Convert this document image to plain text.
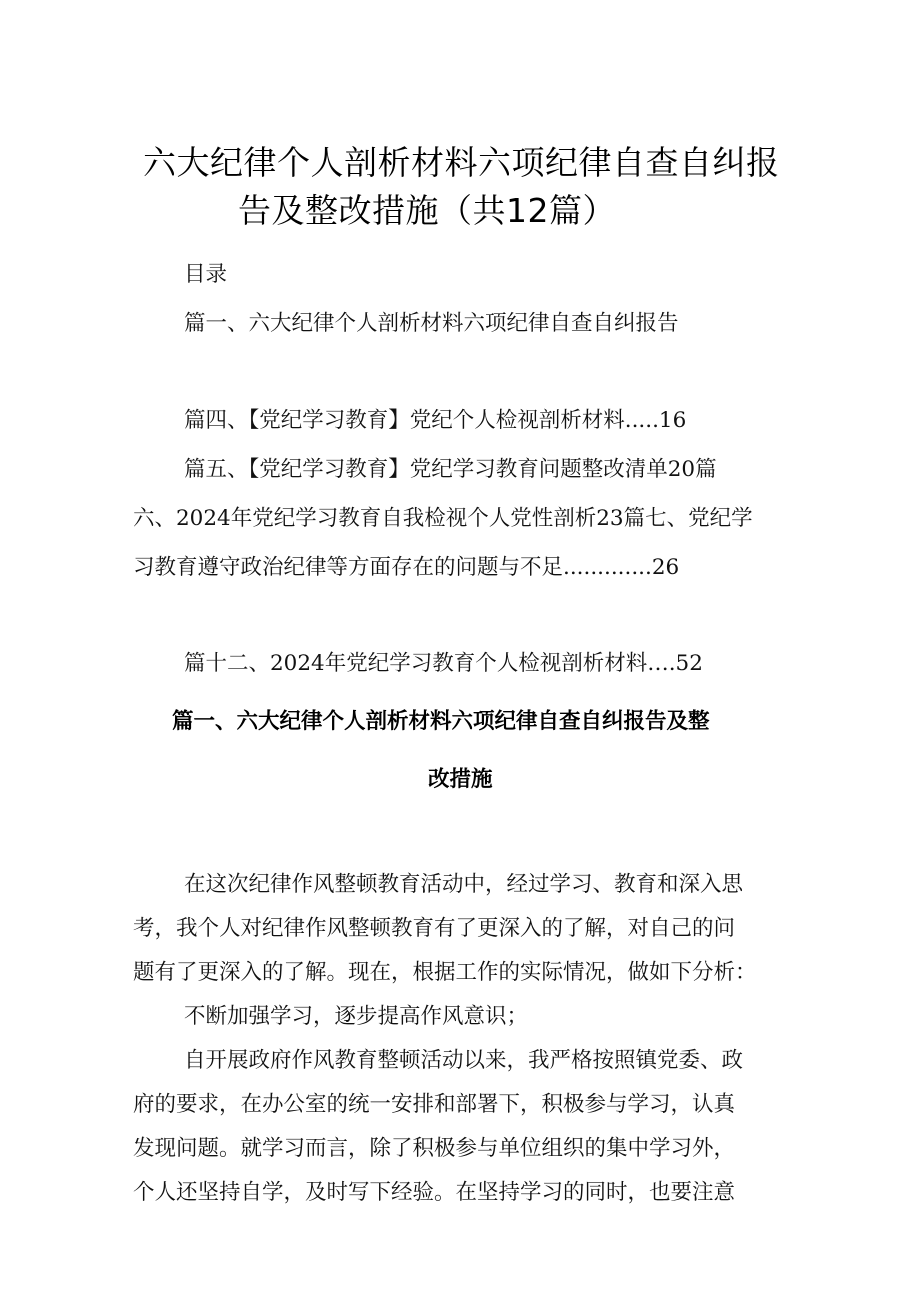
六大纪律个人剖析材料六项纪律自查自纠报
告及整改措施（共12篇）
目录
篇一、六大纪律个人剖析材料六项纪律自查自纠报告
篇四、【党纪学习教育】党纪个人检视剖析材料.....16
篇五、【党纪学习教育】党纪学习教育问题整改清单20篇
六、2024年党纪学习教育自我检视个人党性剖析23篇七、党纪学
习教育遵守政治纪律等方面存在的问题与不足.............26
篇十二、2024年党纪学习教育个人检视剖析材料….52
篇一、六大纪律个人剖析材料六项纪律自查自纠报告及整
改措施
在这次纪律作风整顿教育活动中，经过学习、教育和深入思
考，我个人对纪律作风整顿教育有了更深入的了解，对自己的问
题有了更深入的了解。现在，根据工作的实际情况，做如下分析：
不断加强学习，逐步提高作风意识；
自开展政府作风教育整顿活动以来，我严格按照镇党委、政
府的要求，在办公室的统一安排和部署下，积极参与学习，认真
发现问题。就学习而言，除了积极参与单位组织的集中学习外，
个人还坚持自学，及时写下经验。在坚持学习的同时，也要注意
